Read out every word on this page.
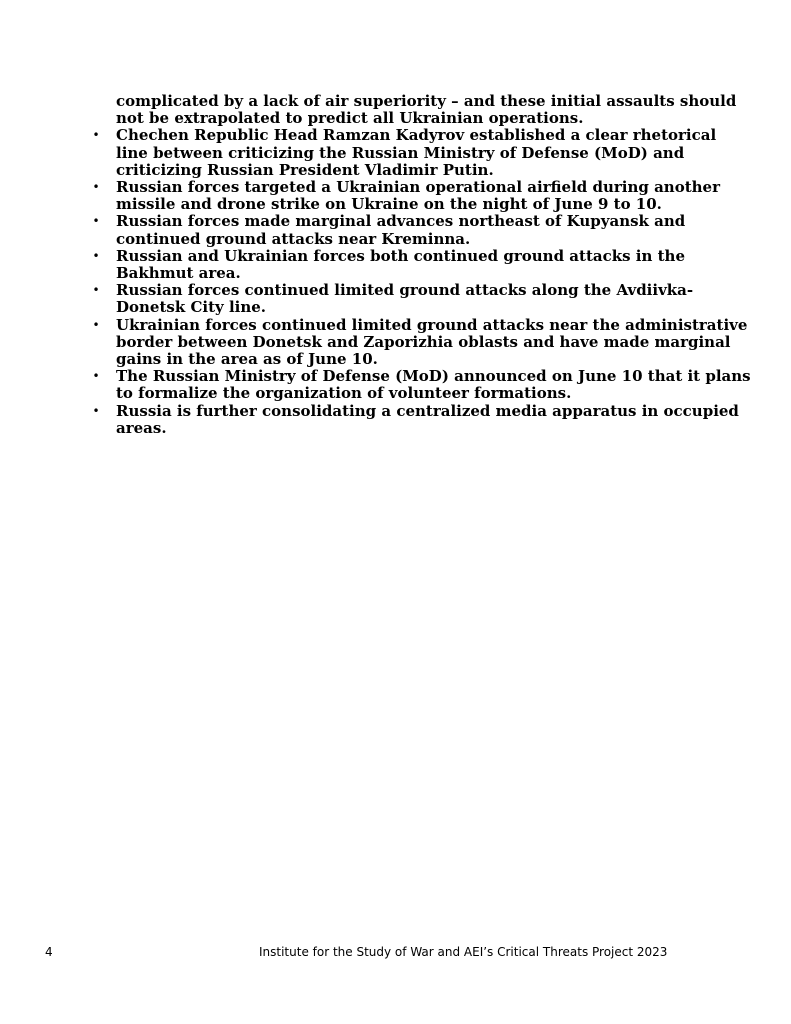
complicated by a lack of air superiority – and these initial assaults should not be extrapolated to predict all Ukrainian operations.

• Chechen Republic Head Ramzan Kadyrov established a clear rhetorical line between criticizing the Russian Ministry of Defense (MoD) and criticizing Russian President Vladimir Putin.
• Russian forces targeted a Ukrainian operational airfield during another missile and drone strike on Ukraine on the night of June 9 to 10.
• Russian forces made marginal advances northeast of Kupyansk and continued ground attacks near Kreminna.
• Russian and Ukrainian forces both continued ground attacks in the Bakhmut area.
• Russian forces continued limited ground attacks along the Avdiivka-Donetsk City line.
• Ukrainian forces continued limited ground attacks near the administrative border between Donetsk and Zaporizhia oblasts and have made marginal gains in the area as of June 10.
• The Russian Ministry of Defense (MoD) announced on June 10 that it plans to formalize the organization of volunteer formations.
• Russia is further consolidating a centralized media apparatus in occupied areas.
4	Institute for the Study of War and AEI’s Critical Threats Project 2023
